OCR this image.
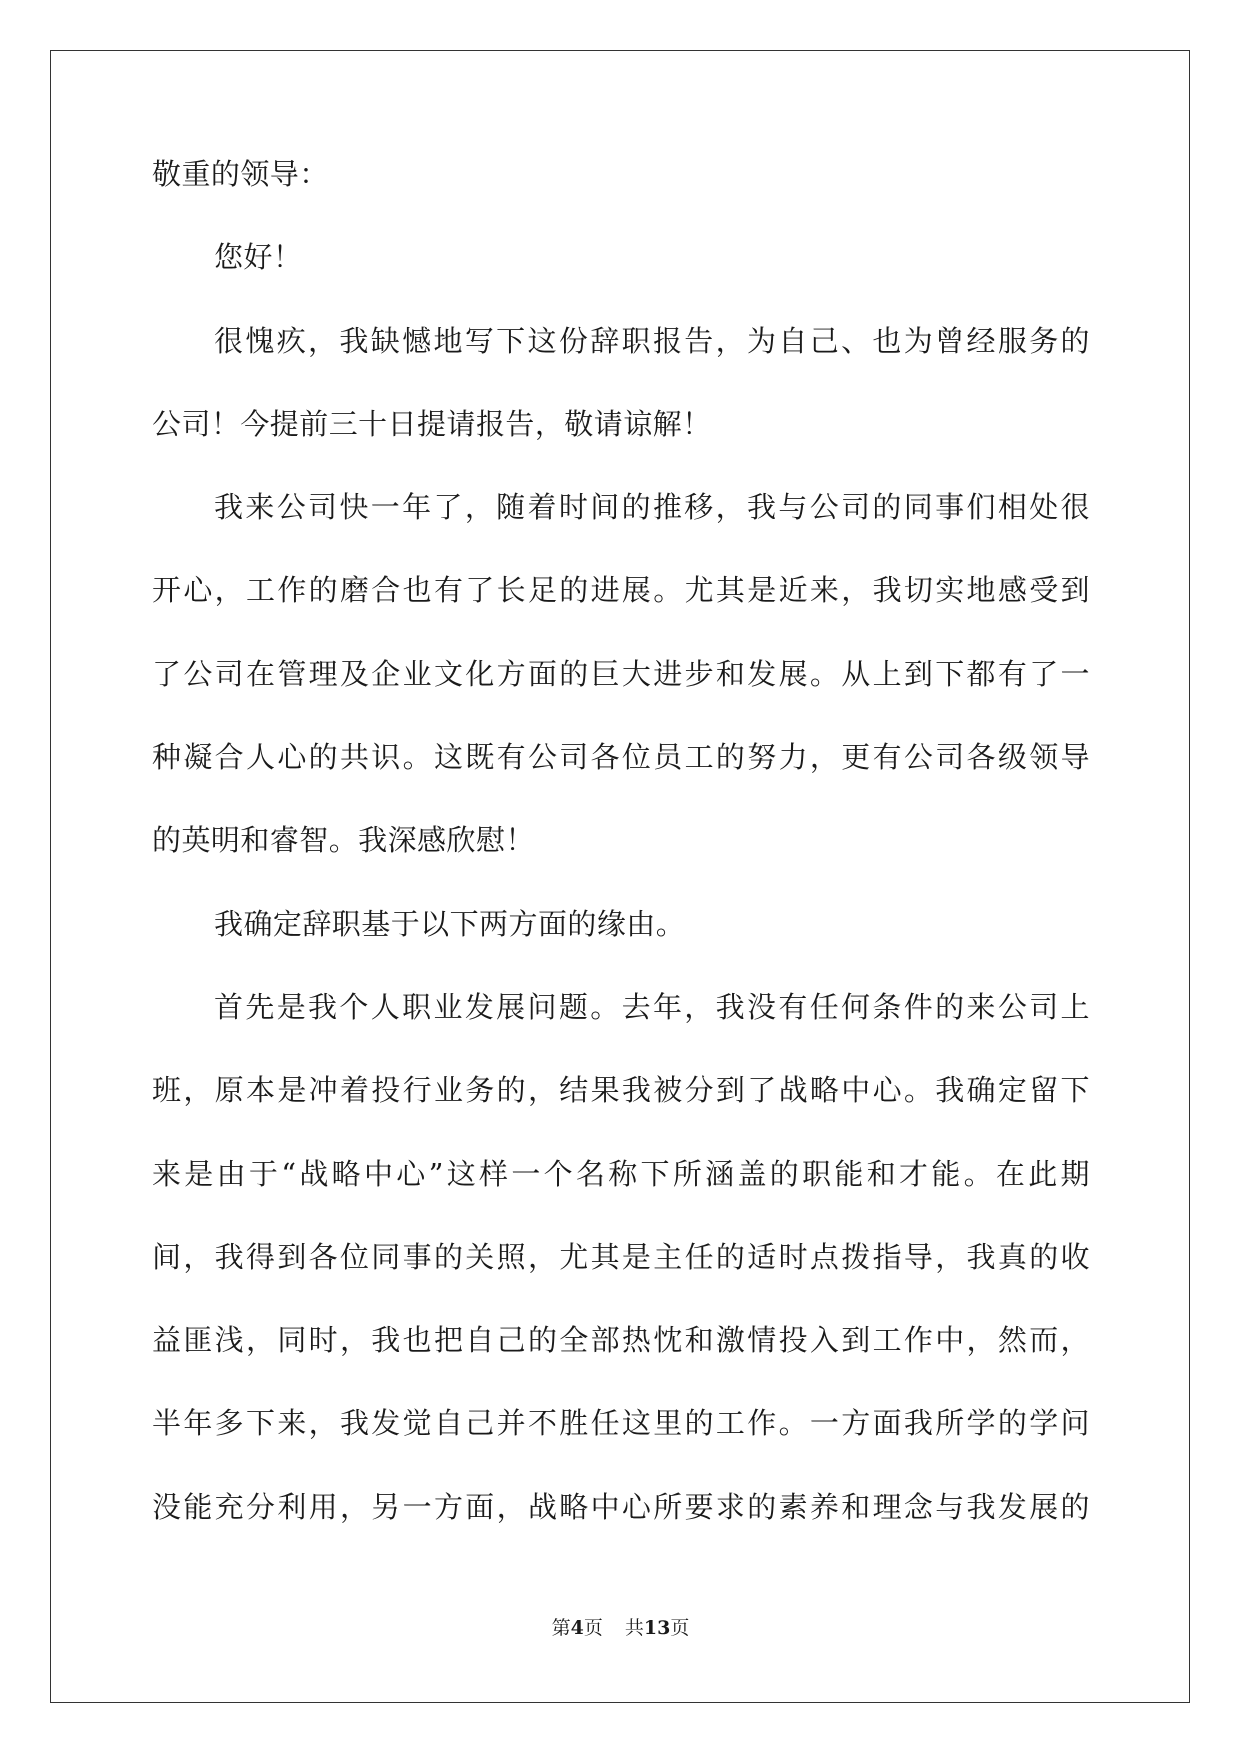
敬重的领导：
您好！
很愧疚，我缺憾地写下这份辞职报告，为自己、也为曾经服务的
公司！今提前三十日提请报告，敬请谅解！
我来公司快一年了，随着时间的推移，我与公司的同事们相处很
开心，工作的磨合也有了长足的进展。尤其是近来，我切实地感受到
了公司在管理及企业文化方面的巨大进步和发展。从上到下都有了一
种凝合人心的共识。这既有公司各位员工的努力，更有公司各级领导
的英明和睿智。我深感欣慰！
我确定辞职基于以下两方面的缘由。
首先是我个人职业发展问题。去年，我没有任何条件的来公司上
班，原本是冲着投行业务的，结果我被分到了战略中心。我确定留下
来是由于“战略中心”这样一个名称下所涵盖的职能和才能。在此期
间，我得到各位同事的关照，尤其是主任的适时点拨指导，我真的收
益匪浅，同时，我也把自己的全部热忱和激情投入到工作中，然而，
半年多下来，我发觉自己并不胜任这里的工作。一方面我所学的学问
没能充分利用，另一方面，战略中心所要求的素养和理念与我发展的
第4页 共13页
